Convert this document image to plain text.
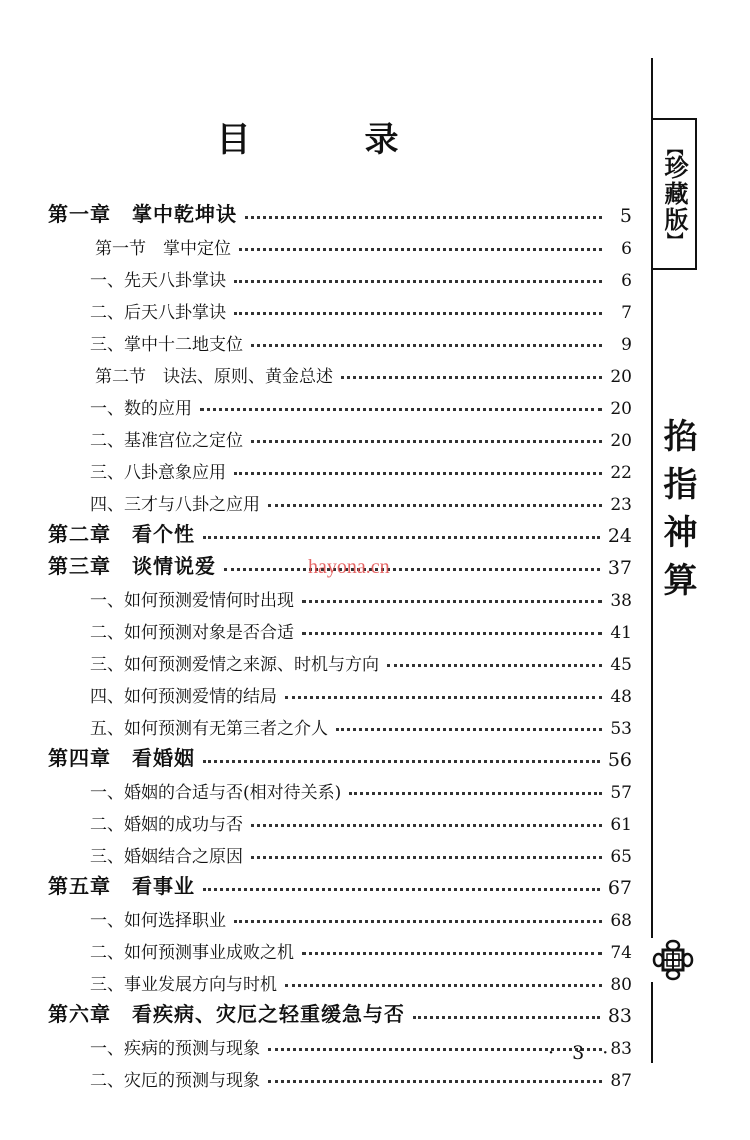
目　录
第一章　掌中乾坤诀	5
第一节　掌中定位	6
一、先天八卦掌诀	6
二、后天八卦掌诀	7
三、掌中十二地支位	9
第二节　诀法、原则、黄金总述	20
一、数的应用	20
二、基准宫位之定位	20
三、八卦意象应用	22
四、三才与八卦之应用	23
第二章　看个性	24
第三章　谈情说爱	37
一、如何预测爱情何时出现	38
二、如何预测对象是否合适	41
三、如何预测爱情之来源、时机与方向	45
四、如何预测爱情的结局	48
五、如何预测有无第三者之介人	53
第四章　看婚姻	56
一、婚姻的合适与否(相对待关系)	57
二、婚姻的成功与否	61
三、婚姻结合之原因	65
第五章　看事业	67
一、如何选择职业	68
二、如何预测事业成败之机	74
三、事业发展方向与时机	80
第六章　看疾病、灾厄之轻重缓急与否	83
一、疾病的预测与现象	83
二、灾厄的预测与现象	87
【
珍藏版
】
掐指神算
hayona.cn
· 3 ·
